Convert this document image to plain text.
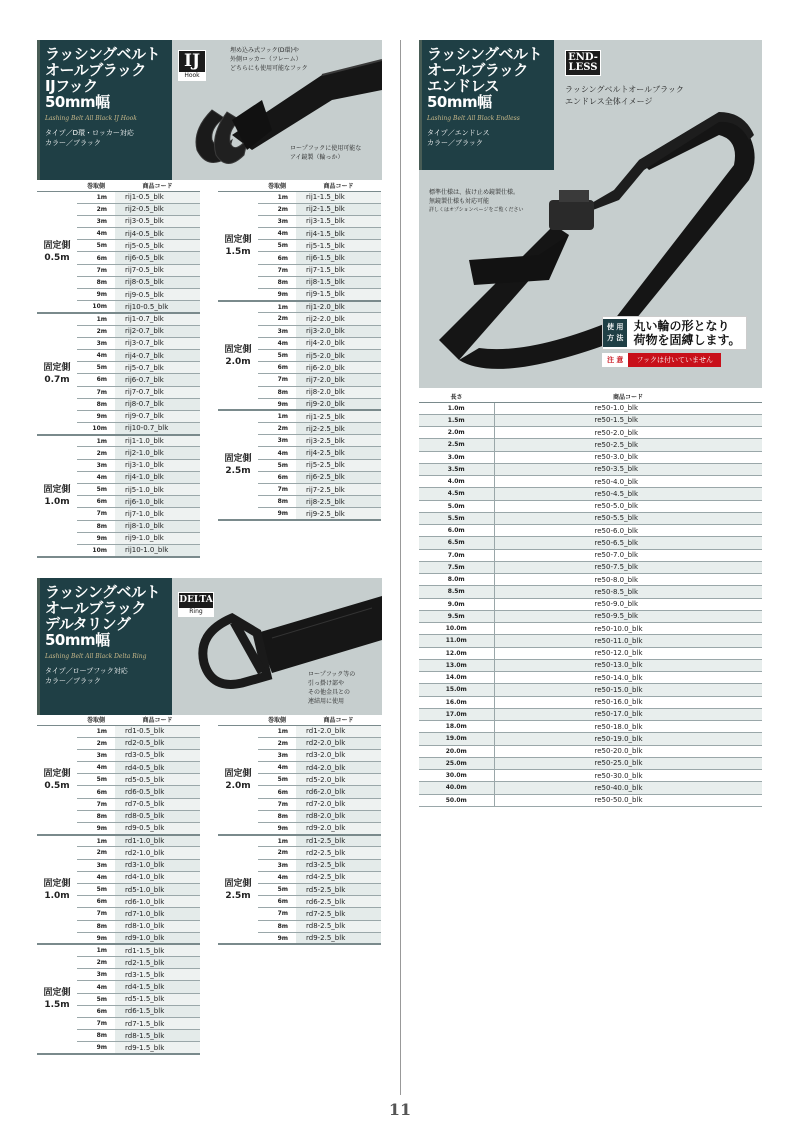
ラッシングベルト
オールブラック
IJフック
50mm幅
Lashing Belt All Black IJ Hook
タイプ／D環・ロッカー対応
カラー／ブラック
IJ
Hook
埋め込み式フック(D環)や
外側ロッカー（フレーム）
どちらにも使用可能なフック
ロープフックに使用可能な
アイ鏡製（輪っか）
	巻取側	商品コード
固定側
0.5m	1m	rij1-0.5_blk
	2m	rij2-0.5_blk
	3m	rij3-0.5_blk
	4m	rij4-0.5_blk
	5m	rij5-0.5_blk
	6m	rij6-0.5_blk
	7m	rij7-0.5_blk
	8m	rij8-0.5_blk
	9m	rij9-0.5_blk
	10m	rij10-0.5_blk
固定側
0.7m	1m	rij1-0.7_blk
	2m	rij2-0.7_blk
	3m	rij3-0.7_blk
	4m	rij4-0.7_blk
	5m	rij5-0.7_blk
	6m	rij6-0.7_blk
	7m	rij7-0.7_blk
	8m	rij8-0.7_blk
	9m	rij9-0.7_blk
	10m	rij10-0.7_blk
固定側
1.0m	1m	rij1-1.0_blk
	2m	rij2-1.0_blk
	3m	rij3-1.0_blk
	4m	rij4-1.0_blk
	5m	rij5-1.0_blk
	6m	rij6-1.0_blk
	7m	rij7-1.0_blk
	8m	rij8-1.0_blk
	9m	rij9-1.0_blk
	10m	rij10-1.0_blk
	巻取側	商品コード
固定側
1.5m	1m	rij1-1.5_blk
	2m	rij2-1.5_blk
	3m	rij3-1.5_blk
	4m	rij4-1.5_blk
	5m	rij5-1.5_blk
	6m	rij6-1.5_blk
	7m	rij7-1.5_blk
	8m	rij8-1.5_blk
	9m	rij9-1.5_blk
固定側
2.0m	1m	rij1-2.0_blk
	2m	rij2-2.0_blk
	3m	rij3-2.0_blk
	4m	rij4-2.0_blk
	5m	rij5-2.0_blk
	6m	rij6-2.0_blk
	7m	rij7-2.0_blk
	8m	rij8-2.0_blk
	9m	rij9-2.0_blk
固定側
2.5m	1m	rij1-2.5_blk
	2m	rij2-2.5_blk
	3m	rij3-2.5_blk
	4m	rij4-2.5_blk
	5m	rij5-2.5_blk
	6m	rij6-2.5_blk
	7m	rij7-2.5_blk
	8m	rij8-2.5_blk
	9m	rij9-2.5_blk
ラッシングベルト
オールブラック
デルタリング
50mm幅
Lashing Belt All Black Delta Ring
タイプ／ロープフック対応
カラー／ブラック
DELTA
Ring
ロープフック等の
引っ掛け部や
その他金具との
連結用に使用
	巻取側	商品コード
固定側
0.5m	1m	rd1-0.5_blk
	2m	rd2-0.5_blk
	3m	rd3-0.5_blk
	4m	rd4-0.5_blk
	5m	rd5-0.5_blk
	6m	rd6-0.5_blk
	7m	rd7-0.5_blk
	8m	rd8-0.5_blk
	9m	rd9-0.5_blk
固定側
1.0m	1m	rd1-1.0_blk
	2m	rd2-1.0_blk
	3m	rd3-1.0_blk
	4m	rd4-1.0_blk
	5m	rd5-1.0_blk
	6m	rd6-1.0_blk
	7m	rd7-1.0_blk
	8m	rd8-1.0_blk
	9m	rd9-1.0_blk
固定側
1.5m	1m	rd1-1.5_blk
	2m	rd2-1.5_blk
	3m	rd3-1.5_blk
	4m	rd4-1.5_blk
	5m	rd5-1.5_blk
	6m	rd6-1.5_blk
	7m	rd7-1.5_blk
	8m	rd8-1.5_blk
	9m	rd9-1.5_blk
	巻取側	商品コード
固定側
2.0m	1m	rd1-2.0_blk
	2m	rd2-2.0_blk
	3m	rd3-2.0_blk
	4m	rd4-2.0_blk
	5m	rd5-2.0_blk
	6m	rd6-2.0_blk
	7m	rd7-2.0_blk
	8m	rd8-2.0_blk
	9m	rd9-2.0_blk
固定側
2.5m	1m	rd1-2.5_blk
	2m	rd2-2.5_blk
	3m	rd3-2.5_blk
	4m	rd4-2.5_blk
	5m	rd5-2.5_blk
	6m	rd6-2.5_blk
	7m	rd7-2.5_blk
	8m	rd8-2.5_blk
	9m	rd9-2.5_blk
ラッシングベルト
オールブラック
エンドレス
50mm幅
Lashing Belt All Black Endless
タイプ／エンドレス
カラー／ブラック
END-
LESS
ラッシングベルトオールブラック
エンドレス全体イメージ
標準仕様は、抜け止め鏡製仕様。
無鏡製仕様も対応可能
詳しくはオプションページをご覧ください
使 用
方 法
丸い輪の形となり
荷物を固縛します。
注 意	フックは付いていません
長さ	商品コード
1.0m	re50-1.0_blk
1.5m	re50-1.5_blk
2.0m	re50-2.0_blk
2.5m	re50-2.5_blk
3.0m	re50-3.0_blk
3.5m	re50-3.5_blk
4.0m	re50-4.0_blk
4.5m	re50-4.5_blk
5.0m	re50-5.0_blk
5.5m	re50-5.5_blk
6.0m	re50-6.0_blk
6.5m	re50-6.5_blk
7.0m	re50-7.0_blk
7.5m	re50-7.5_blk
8.0m	re50-8.0_blk
8.5m	re50-8.5_blk
9.0m	re50-9.0_blk
9.5m	re50-9.5_blk
10.0m	re50-10.0_blk
11.0m	re50-11.0_blk
12.0m	re50-12.0_blk
13.0m	re50-13.0_blk
14.0m	re50-14.0_blk
15.0m	re50-15.0_blk
16.0m	re50-16.0_blk
17.0m	re50-17.0_blk
18.0m	re50-18.0_blk
19.0m	re50-19.0_blk
20.0m	re50-20.0_blk
25.0m	re50-25.0_blk
30.0m	re50-30.0_blk
40.0m	re50-40.0_blk
50.0m	re50-50.0_blk
11
